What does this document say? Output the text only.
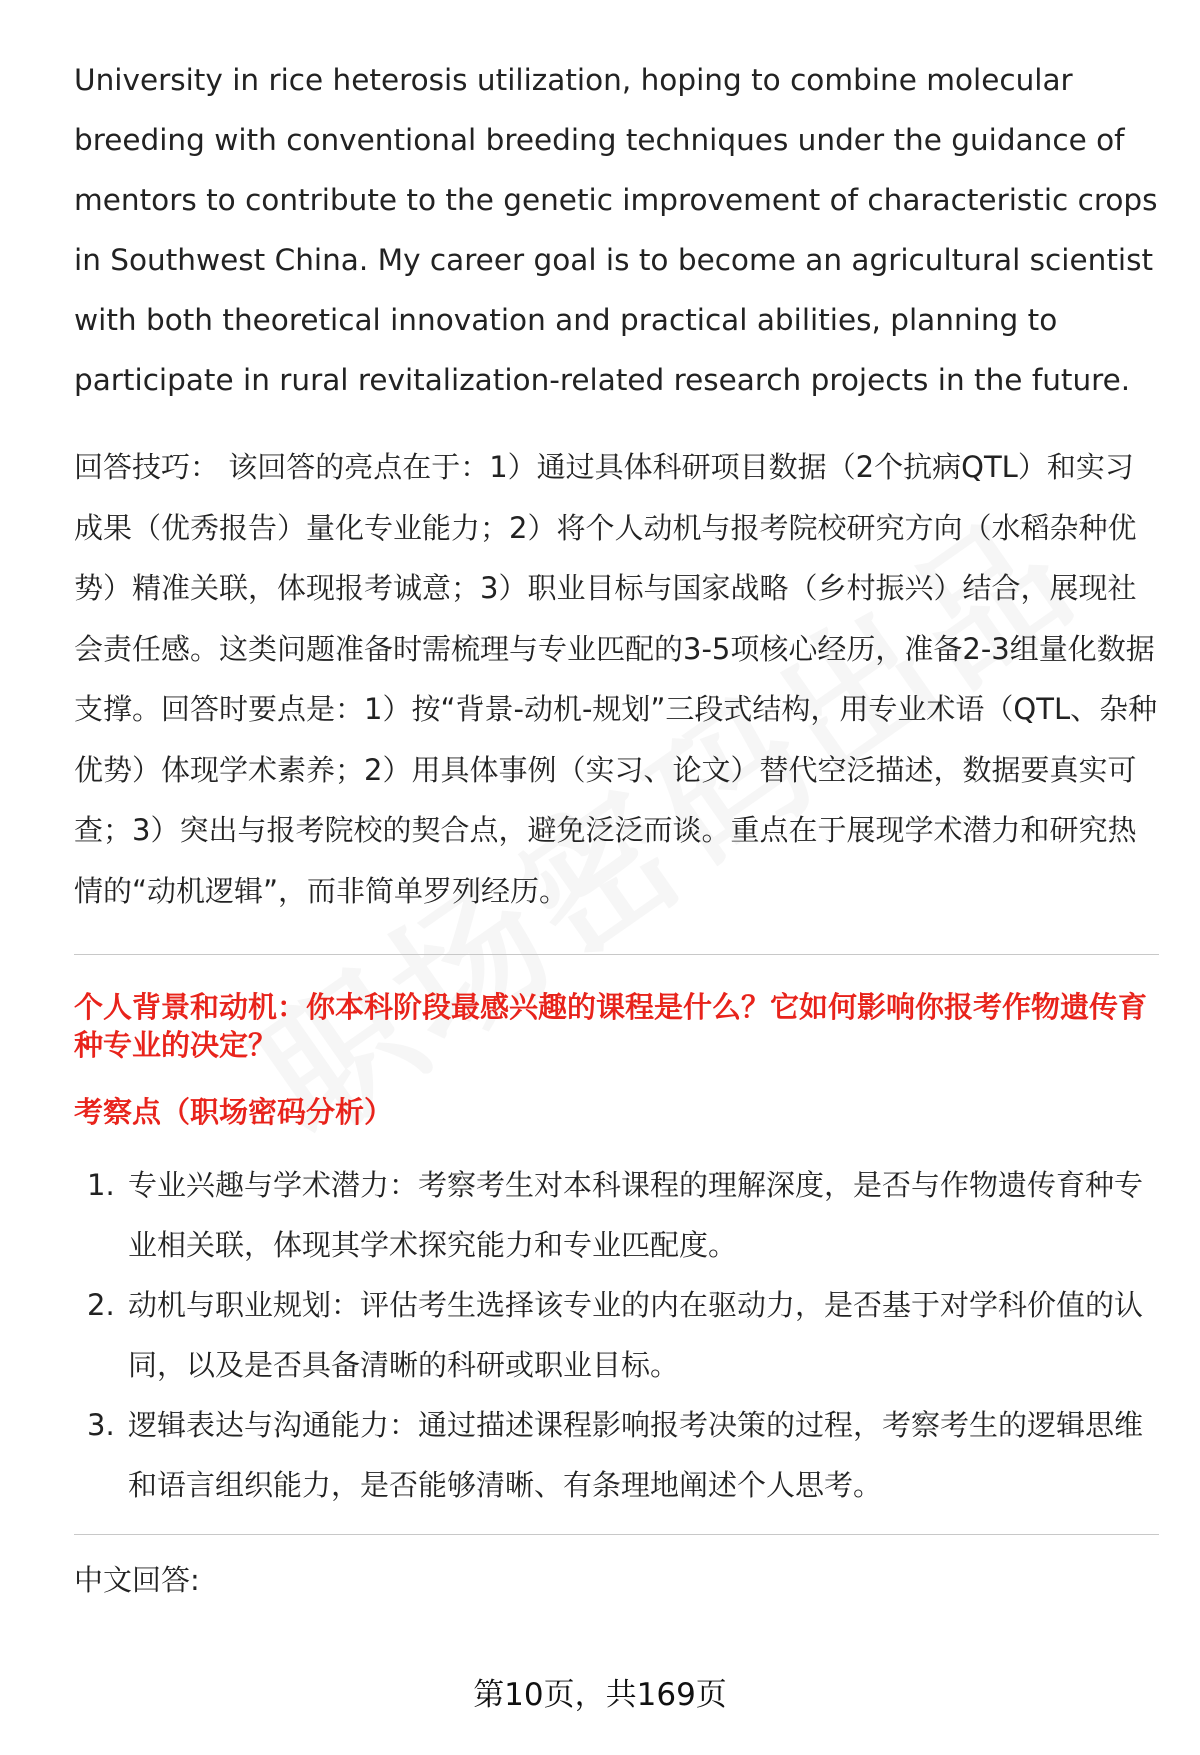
University in rice heterosis utilization, hoping to combine molecular breeding with conventional breeding techniques under the guidance of mentors to contribute to the genetic improvement of characteristic crops in Southwest China. My career goal is to become an agricultural scientist with both theoretical innovation and practical abilities, planning to participate in rural revitalization-related research projects in the future.

回答技巧： 该回答的亮点在于：1）通过具体科研项目数据（2个抗病QTL）和实习成果（优秀报告）量化专业能力；2）将个人动机与报考院校研究方向（水稻杂种优势）精准关联，体现报考诚意；3）职业目标与国家战略（乡村振兴）结合，展现社会责任感。这类问题准备时需梳理与专业匹配的3-5项核心经历，准备2-3组量化数据支撑。回答时要点是：1）按“背景-动机-规划”三段式结构，用专业术语（QTL、杂种优势）体现学术素养；2）用具体事例（实习、论文）替代空泛描述，数据要真实可查；3）突出与报考院校的契合点，避免泛泛而谈。重点在于展现学术潜力和研究热情的“动机逻辑”，而非简单罗列经历。

个人背景和动机：你本科阶段最感兴趣的课程是什么？它如何影响你报考作物遗传育种专业的决定？

考察点（职场密码分析）

1. 专业兴趣与学术潜力：考察考生对本科课程的理解深度，是否与作物遗传育种专业相关联，体现其学术探究能力和专业匹配度。
2. 动机与职业规划：评估考生选择该专业的内在驱动力，是否基于对学科价值的认同，以及是否具备清晰的科研或职业目标。
3. 逻辑表达与沟通能力：通过描述课程影响报考决策的过程，考察考生的逻辑思维和语言组织能力，是否能够清晰、有条理地阐述个人思考。

中文回答:

第10页，共169页
